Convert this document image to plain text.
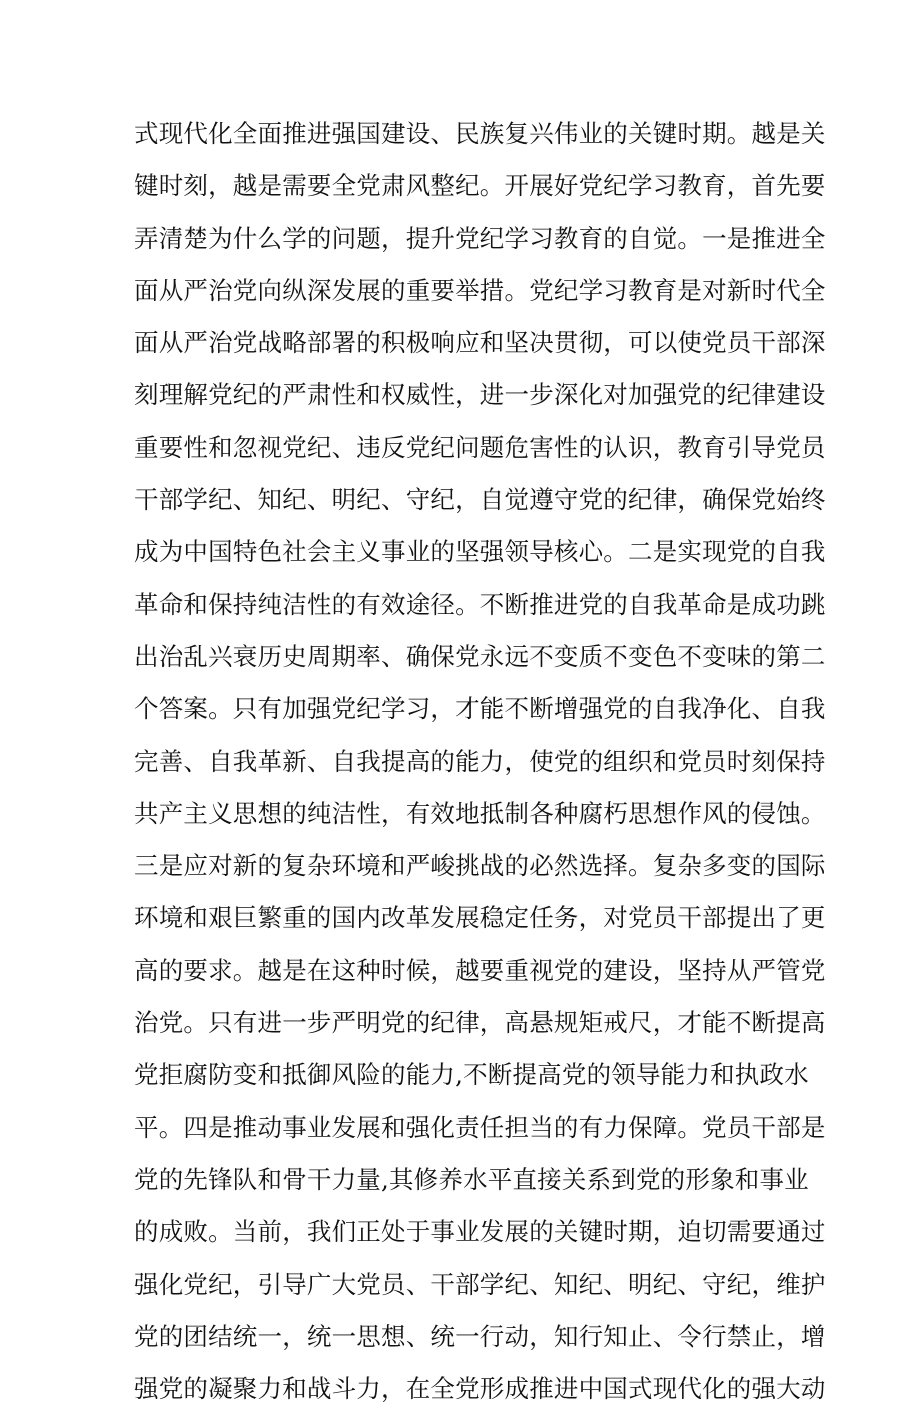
式现代化全面推进强国建设、民族复兴伟业的关键时期。越是关
键时刻，越是需要全党肃风整纪。开展好党纪学习教育，首先要
弄清楚为什么学的问题，提升党纪学习教育的自觉。一是推进全
面从严治党向纵深发展的重要举措。党纪学习教育是对新时代全
面从严治党战略部署的积极响应和坚决贯彻，可以使党员干部深
刻理解党纪的严肃性和权威性，进一步深化对加强党的纪律建设
重要性和忽视党纪、违反党纪问题危害性的认识，教育引导党员
干部学纪、知纪、明纪、守纪，自觉遵守党的纪律，确保党始终
成为中国特色社会主义事业的坚强领导核心。二是实现党的自我
革命和保持纯洁性的有效途径。不断推进党的自我革命是成功跳
出治乱兴衰历史周期率、确保党永远不变质不变色不变味的第二
个答案。只有加强党纪学习，才能不断增强党的自我净化、自我
完善、自我革新、自我提高的能力，使党的组织和党员时刻保持
共产主义思想的纯洁性，有效地抵制各种腐朽思想作风的侵蚀。
三是应对新的复杂环境和严峻挑战的必然选择。复杂多变的国际
环境和艰巨繁重的国内改革发展稳定任务，对党员干部提出了更
高的要求。越是在这种时候，越要重视党的建设，坚持从严管党
治党。只有进一步严明党的纪律，高悬规矩戒尺，才能不断提高
党拒腐防变和抵御风险的能力,不断提高党的领导能力和执政水
平。四是推动事业发展和强化责任担当的有力保障。党员干部是
党的先锋队和骨干力量,其修养水平直接关系到党的形象和事业
的成败。当前，我们正处于事业发展的关键时期，迫切需要通过
强化党纪，引导广大党员、干部学纪、知纪、明纪、守纪，维护
党的团结统一，统一思想、统一行动，知行知止、令行禁止，增
强党的凝聚力和战斗力，在全党形成推进中国式现代化的强大动
